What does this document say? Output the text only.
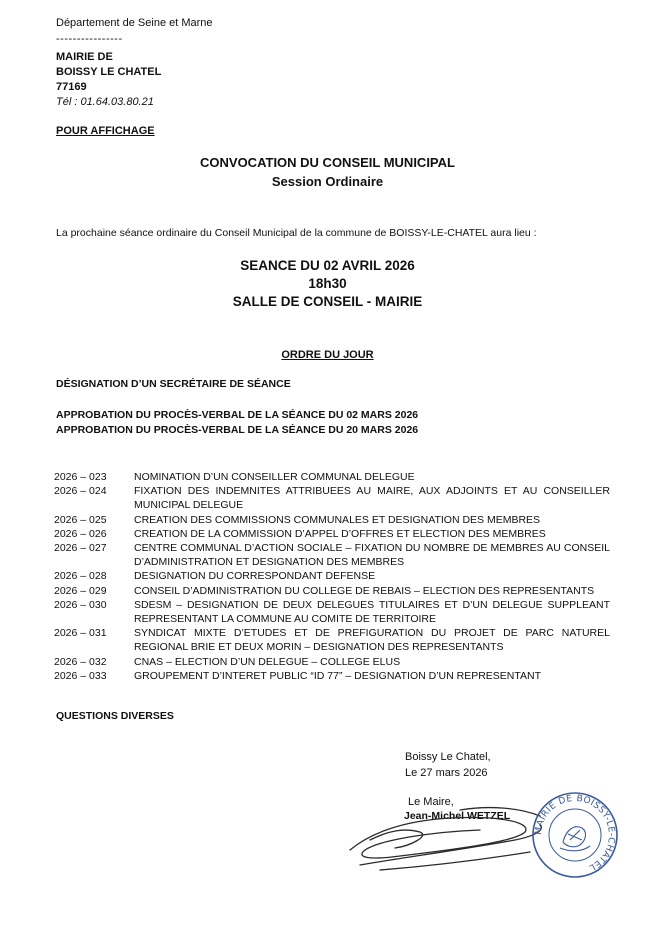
Département de Seine et Marne
----------------
MAIRIE DE
BOISSY LE CHATEL
77169
Tél : 01.64.03.80.21
POUR AFFICHAGE
CONVOCATION DU CONSEIL MUNICIPAL
Session Ordinaire
La prochaine séance ordinaire du Conseil Municipal de la commune de BOISSY-LE-CHATEL aura lieu :
SEANCE DU 02 AVRIL 2026
18h30
SALLE DE CONSEIL - MAIRIE
ORDRE DU JOUR
DÉSIGNATION D’UN SECRÉTAIRE DE SÉANCE
APPROBATION DU PROCÈS-VERBAL DE LA SÉANCE DU 02 MARS 2026
APPROBATION DU PROCÈS-VERBAL DE LA SÉANCE DU 20 MARS 2026
2026 – 023	NOMINATION D’UN CONSEILLER COMMUNAL DELEGUE
2026 – 024	FIXATION DES INDEMNITES ATTRIBUEES AU MAIRE, AUX ADJOINTS ET AU CONSEILLER MUNICIPAL DELEGUE
2026 – 025	CREATION DES COMMISSIONS COMMUNALES ET DESIGNATION DES MEMBRES
2026 – 026	CREATION DE LA COMMISSION D’APPEL D’OFFRES ET ELECTION DES MEMBRES
2026 – 027	CENTRE COMMUNAL D’ACTION SOCIALE – FIXATION DU NOMBRE DE MEMBRES AU CONSEIL D’ADMINISTRATION ET DESIGNATION DES MEMBRES
2026 – 028	DESIGNATION DU CORRESPONDANT DEFENSE
2026 – 029	CONSEIL D’ADMINISTRATION DU COLLEGE DE REBAIS – ELECTION DES REPRESENTANTS
2026 – 030	SDESM – DESIGNATION DE DEUX DELEGUES TITULAIRES ET D’UN DELEGUE SUPPLEANT REPRESENTANT LA COMMUNE AU COMITE DE TERRITOIRE
2026 – 031	SYNDICAT MIXTE D’ETUDES ET DE PREFIGURATION DU PROJET DE PARC NATUREL REGIONAL BRIE ET DEUX MORIN – DESIGNATION DES REPRESENTANTS
2026 – 032	CNAS – ELECTION D’UN DELEGUE – COLLEGE ELUS
2026 – 033	GROUPEMENT D’INTERET PUBLIC “ID 77” – DESIGNATION D’UN REPRESENTANT
QUESTIONS DIVERSES
Boissy Le Chatel,
Le 27 mars 2026
Le Maire,
Jean-Michel WETZEL
MAIRIE DE BOISSY-LE-CHATEL
